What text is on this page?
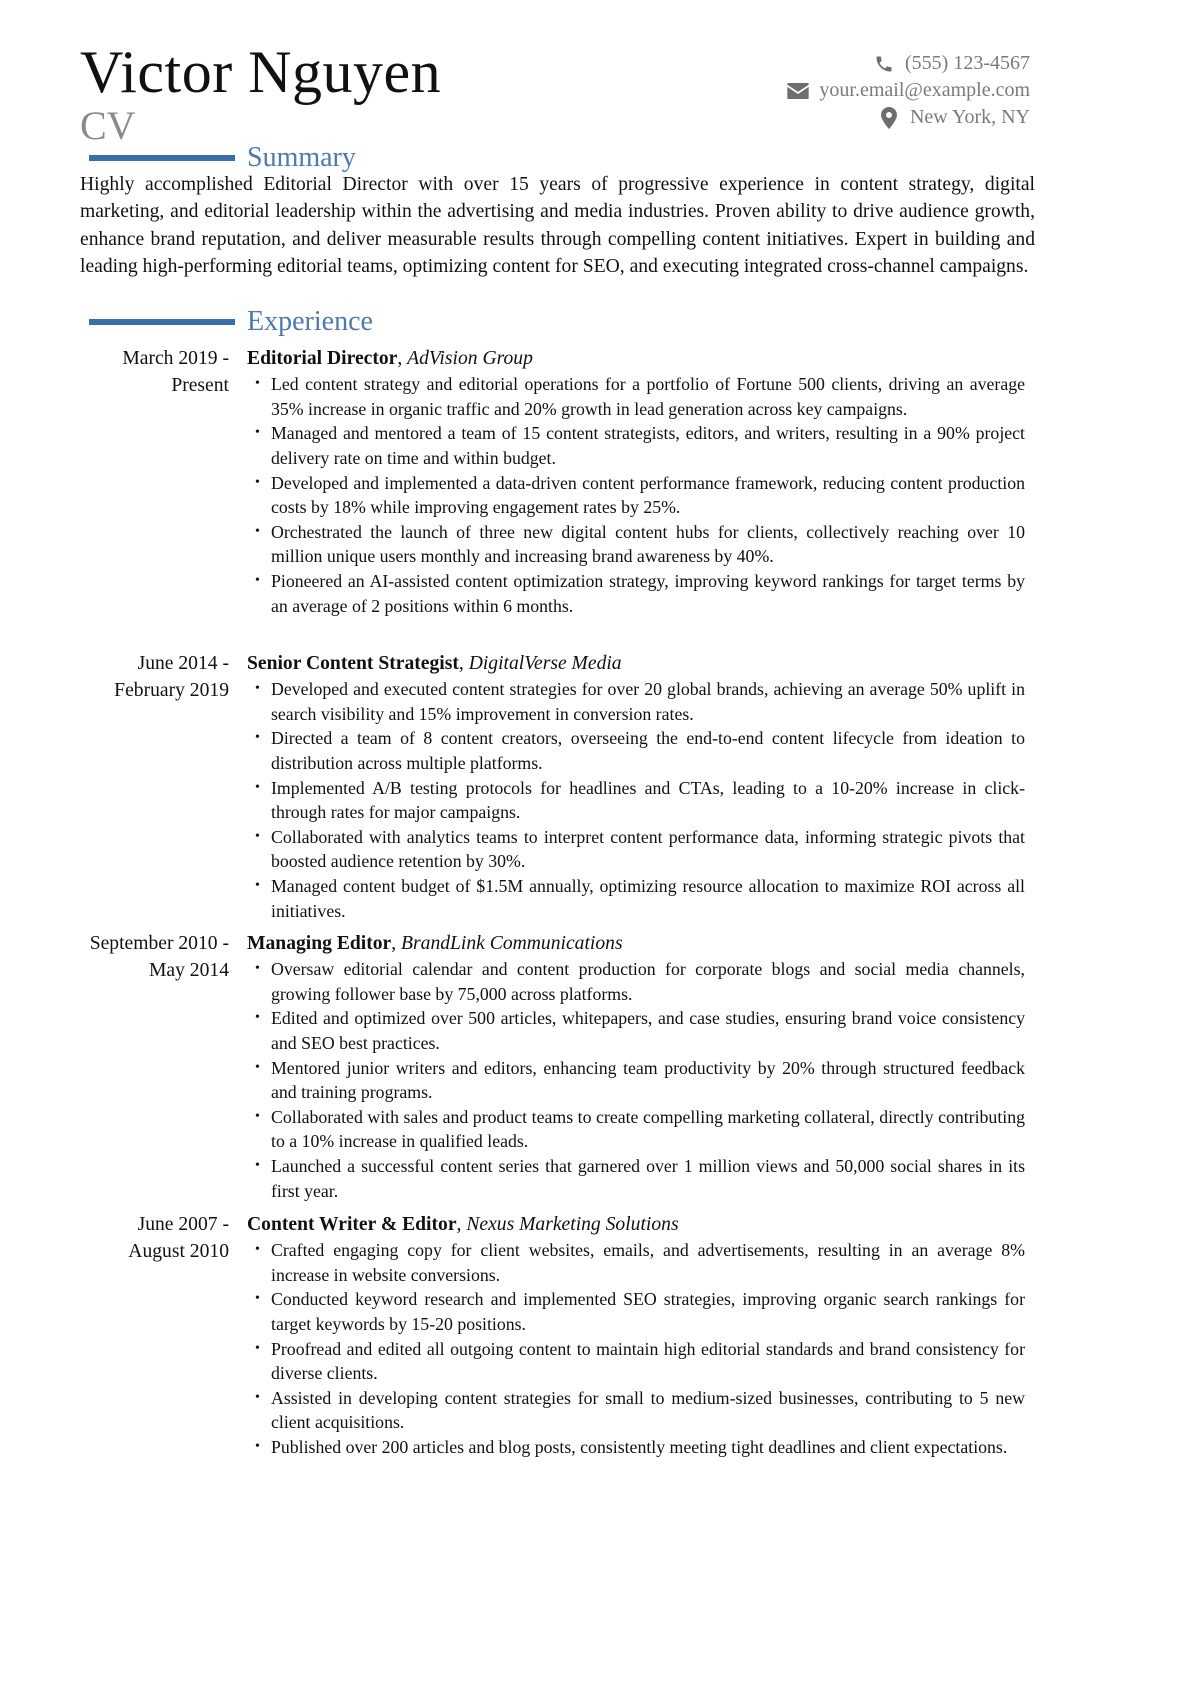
Victor Nguyen
CV
(555) 123-4567
your.email@example.com
New York, NY
Summary

Highly accomplished Editorial Director with over 15 years of progressive experience in content strategy, digital marketing, and editorial leadership within the advertising and media industries. Proven ability to drive audience growth, enhance brand reputation, and deliver measurable results through compelling content initiatives. Expert in building and leading high-performing editorial teams, optimizing content for SEO, and executing integrated cross-channel campaigns.

Experience
March 2019 - Present
Editorial Director, AdVision Group
• Led content strategy and editorial operations for a portfolio of Fortune 500 clients, driving an average 35% increase in organic traffic and 20% growth in lead generation across key campaigns.
• Managed and mentored a team of 15 content strategists, editors, and writers, resulting in a 90% project delivery rate on time and within budget.
• Developed and implemented a data-driven content performance framework, reducing content production costs by 18% while improving engagement rates by 25%.
• Orchestrated the launch of three new digital content hubs for clients, collectively reaching over 10 million unique users monthly and increasing brand awareness by 40%.
• Pioneered an AI-assisted content optimization strategy, improving keyword rankings for target terms by an average of 2 positions within 6 months.
June 2014 - February 2019
Senior Content Strategist, DigitalVerse Media
• Developed and executed content strategies for over 20 global brands, achieving an average 50% uplift in search visibility and 15% improvement in conversion rates.
• Directed a team of 8 content creators, overseeing the end-to-end content lifecycle from ideation to distribution across multiple platforms.
• Implemented A/B testing protocols for headlines and CTAs, leading to a 10-20% increase in click-through rates for major campaigns.
• Collaborated with analytics teams to interpret content performance data, informing strategic pivots that boosted audience retention by 30%.
• Managed content budget of $1.5M annually, optimizing resource allocation to maximize ROI across all initiatives.
September 2010 - May 2014
Managing Editor, BrandLink Communications
• Oversaw editorial calendar and content production for corporate blogs and social media channels, growing follower base by 75,000 across platforms.
• Edited and optimized over 500 articles, whitepapers, and case studies, ensuring brand voice consistency and SEO best practices.
• Mentored junior writers and editors, enhancing team productivity by 20% through structured feedback and training programs.
• Collaborated with sales and product teams to create compelling marketing collateral, directly contributing to a 10% increase in qualified leads.
• Launched a successful content series that garnered over 1 million views and 50,000 social shares in its first year.
June 2007 - August 2010
Content Writer & Editor, Nexus Marketing Solutions
• Crafted engaging copy for client websites, emails, and advertisements, resulting in an average 8% increase in website conversions.
• Conducted keyword research and implemented SEO strategies, improving organic search rankings for target keywords by 15-20 positions.
• Proofread and edited all outgoing content to maintain high editorial standards and brand consistency for diverse clients.
• Assisted in developing content strategies for small to medium-sized businesses, contributing to 5 new client acquisitions.
• Published over 200 articles and blog posts, consistently meeting tight deadlines and client expectations.
